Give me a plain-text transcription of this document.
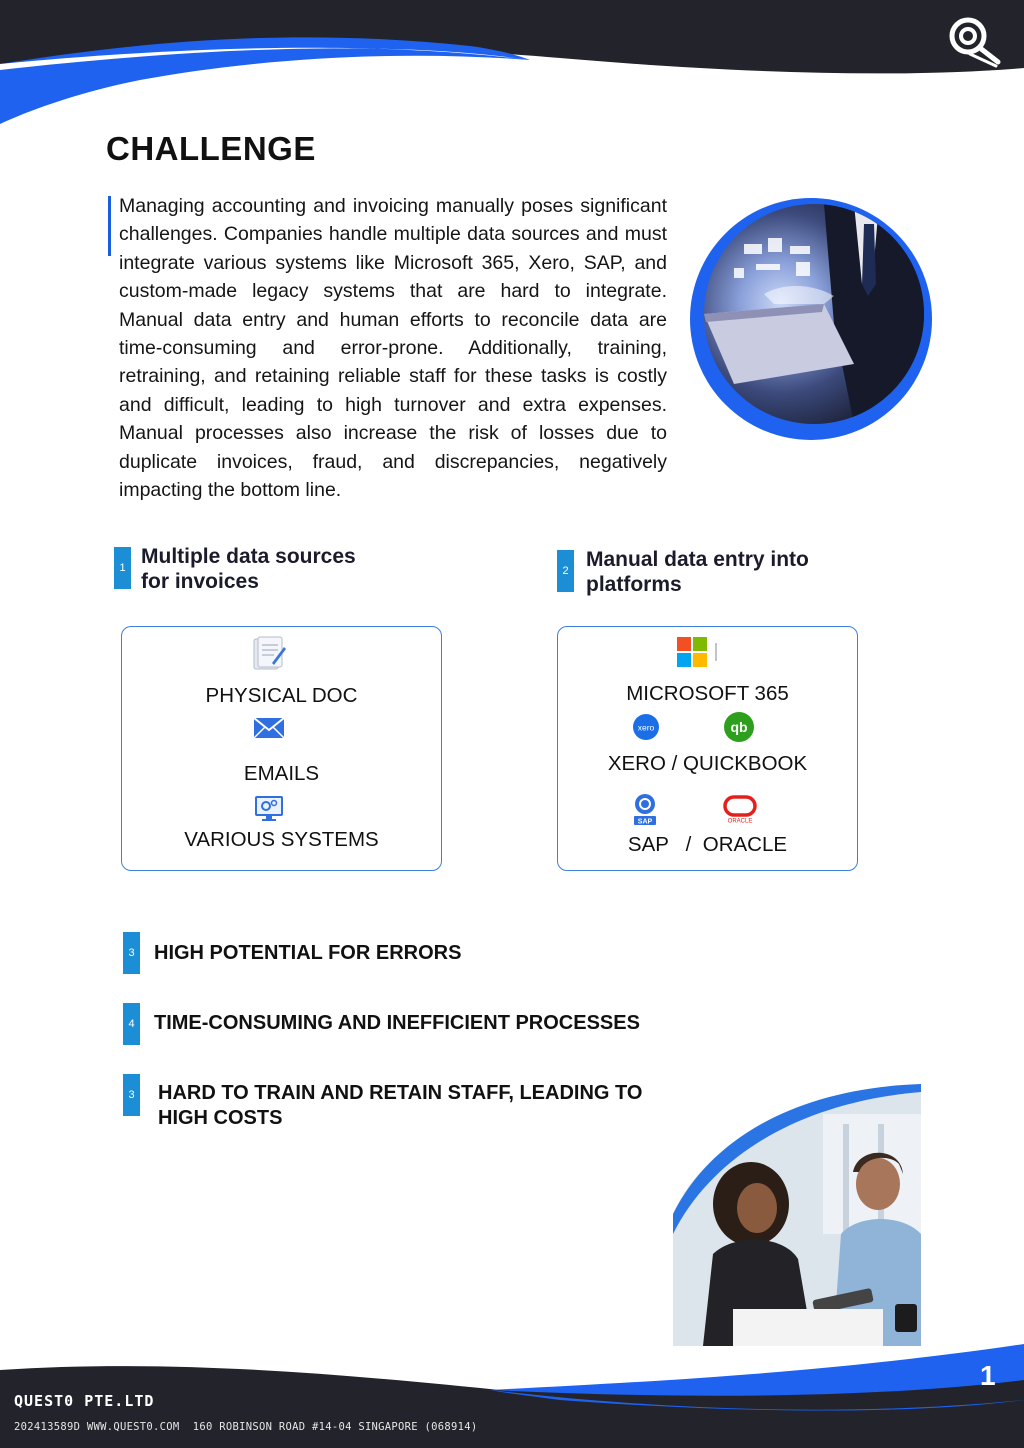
CHALLENGE
Managing accounting and invoicing manually poses significant challenges. Companies handle multiple data sources and must integrate various systems like Microsoft 365, Xero, SAP, and custom-made legacy systems that are hard to integrate. Manual data entry and human efforts to reconcile data are time-consuming and error-prone. Additionally, training, retraining, and retaining reliable staff for these tasks is costly and difficult, leading to high turnover and extra expenses. Manual processes also increase the risk of losses due to duplicate invoices, fraud, and discrepancies, negatively impacting the bottom line.
1 Multiple data sources
for invoices	2 Manual data entry into
platforms
PHYSICAL DOC
EMAILS
VARIOUS SYSTEMS
MICROSOFT 365
xero	qb
XERO / QUICKBOOK
SAP	ORACLE
SAP   /  ORACLE
3 HIGH POTENTIAL FOR ERRORS
4 TIME-CONSUMING AND INEFFICIENT PROCESSES
3 HARD TO TRAIN AND RETAIN STAFF, LEADING TO
HIGH COSTS
QUEST0 PTE.LTD
202413589D WWW.QUEST0.COM  160 ROBINSON ROAD #14-04 SINGAPORE (068914)
1
